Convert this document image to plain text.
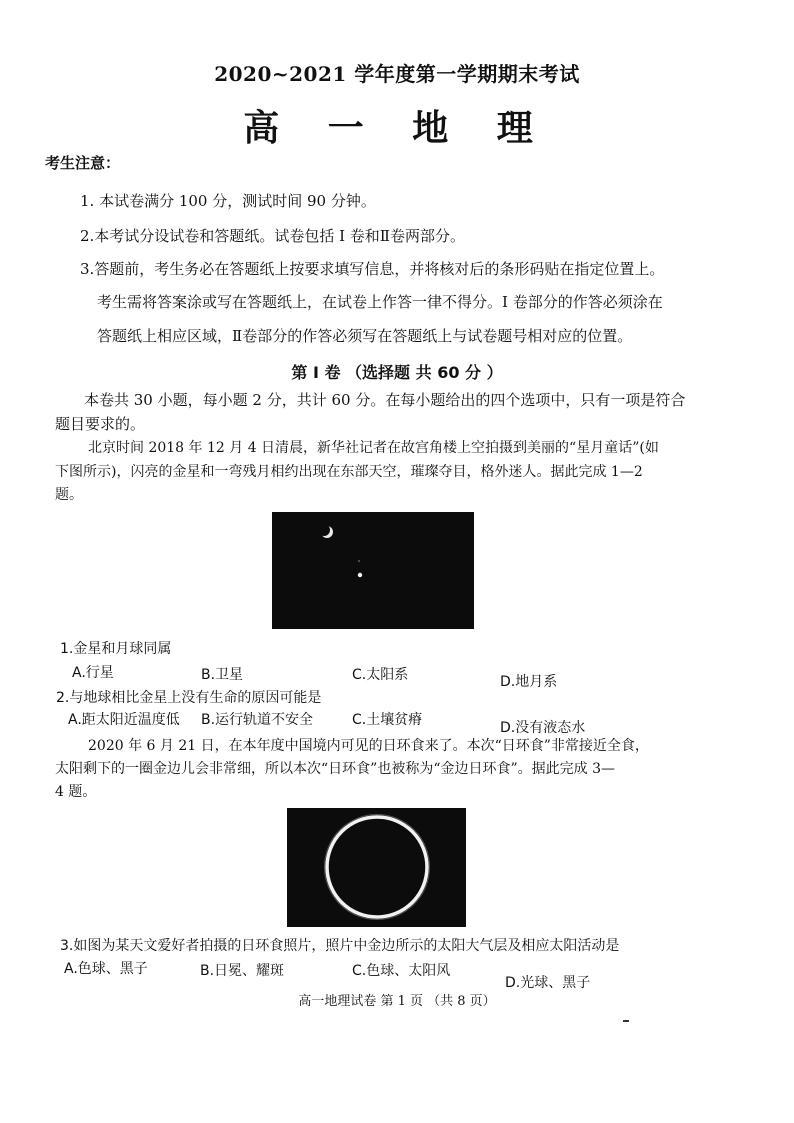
2020~2021 学年度第一学期期末考试
高 一 地 理
考生注意：
1. 本试卷满分 100 分，测试时间 90 分钟。
2.本考试分设试卷和答题纸。试卷包括 I 卷和Ⅱ卷两部分。
3.答题前，考生务必在答题纸上按要求填写信息，并将核对后的条形码贴在指定位置上。
考生需将答案涂或写在答题纸上，在试卷上作答一律不得分。I 卷部分的作答必须涂在
答题纸上相应区域，Ⅱ卷部分的作答必须写在答题纸上与试卷题号相对应的位置。
第 I 卷 （选择题 共 60 分 ）
本卷共 30 小题，每小题 2 分，共计 60 分。在每小题给出的四个选项中，只有一项是符合
题目要求的。
北京时间 2018 年 12 月 4 日清晨，新华社记者在故宫角楼上空拍摄到美丽的“星月童话”(如
下图所示)，闪亮的金星和一弯残月相约出现在东部天空，璀璨夺目，格外迷人。据此完成 1—2
题。
1.金星和月球同属
A.行星	B.卫星	C.太阳系	D.地月系
2.与地球相比金星上没有生命的原因可能是
A.距太阳近温度低 B.运行轨道不安全	C.土壤贫瘠	D.没有液态水
2020 年 6 月 21 日，在本年度中国境内可见的日环食来了。本次“日环食”非常接近全食，
太阳剩下的一圈金边儿会非常细，所以本次“日环食”也被称为“金边日环食”。据此完成 3—
4 题。
3.如图为某天文爱好者拍摄的日环食照片，照片中金边所示的太阳大气层及相应太阳活动是
A.色球、黑子	B.日冕、耀斑	C.色球、太阳风
D.光球、黑子
高一地理试卷 第 1 页 （共 8 页）
